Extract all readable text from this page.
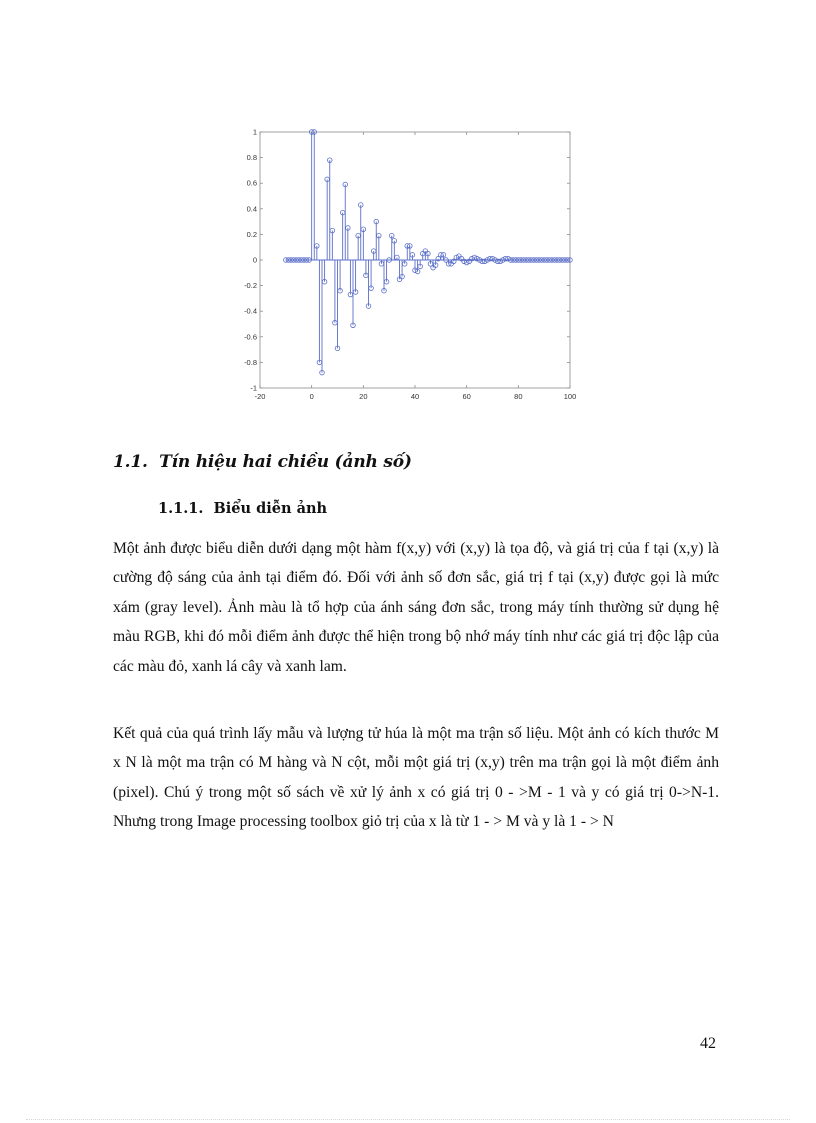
-20	0	20	40	60	80	100
1
0.8
0.6
0.4
0.2
0
-0.2
-0.4
-0.6
-0.8
-1
1.1. Tín hiệu hai chiều (ảnh số)
1.1.1. Biểu diễn ảnh

Một ảnh được biểu diễn dưới dạng một hàm f(x,y) với (x,y) là tọa độ, và giá trị của f tại (x,y) là cường độ sáng của ảnh tại điểm đó. Đối với ảnh số đơn sắc, giá trị f tại (x,y) được gọi là mức xám (gray level). Ảnh màu là tổ hợp của ánh sáng đơn sắc, trong máy tính thường sử dụng hệ màu RGB, khi đó mỗi điểm ảnh được thể hiện trong bộ nhớ máy tính như các giá trị độc lập của các màu đỏ, xanh lá cây và xanh lam.

Kết quả của quá trình lấy mẫu và lượng tử húa là một ma trận số liệu. Một ảnh có kích thước M x N là một ma trận có M hàng và N cột, mỗi một giá trị (x,y) trên ma trận gọi là một điểm ảnh (pixel). Chú ý trong một số sách về xử lý ảnh x có giá trị 0 - >M - 1 và y có giá trị 0->N-1. Nhưng trong Image processing toolbox giỏ trị của x là từ 1 - > M và y là 1 - > N

42
